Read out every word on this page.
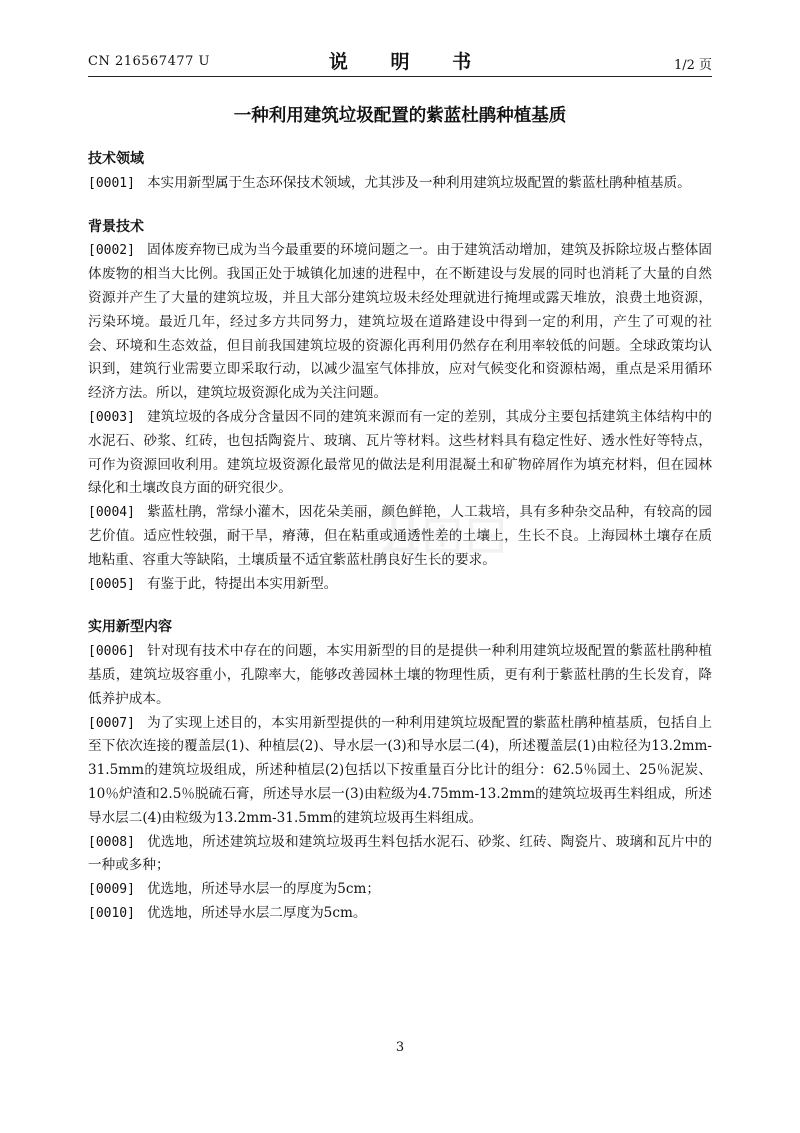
Д⊞⊟
CN 216567477 U	说 明 书	1/2 页
一种利用建筑垃圾配置的紫蓝杜鹃种植基质
技术领域
[0001] 本实用新型属于生态环保技术领域，尤其涉及一种利用建筑垃圾配置的紫蓝杜鹃种植基质。
背景技术
[0002] 固体废弃物已成为当今最重要的环境问题之一。由于建筑活动增加，建筑及拆除垃圾占整体固体废物的相当大比例。我国正处于城镇化加速的进程中，在不断建设与发展的同时也消耗了大量的自然资源并产生了大量的建筑垃圾，并且大部分建筑垃圾未经处理就进行掩埋或露天堆放，浪费土地资源，污染环境。最近几年，经过多方共同努力，建筑垃圾在道路建设中得到一定的利用，产生了可观的社会、环境和生态效益，但目前我国建筑垃圾的资源化再利用仍然存在利用率较低的问题。全球政策均认识到，建筑行业需要立即采取行动，以减少温室气体排放，应对气候变化和资源枯竭，重点是采用循环经济方法。所以，建筑垃圾资源化成为关注问题。
[0003] 建筑垃圾的各成分含量因不同的建筑来源而有一定的差别，其成分主要包括建筑主体结构中的水泥石、砂浆、红砖，也包括陶瓷片、玻璃、瓦片等材料。这些材料具有稳定性好、透水性好等特点，可作为资源回收利用。建筑垃圾资源化最常见的做法是利用混凝土和矿物碎屑作为填充材料，但在园林绿化和土壤改良方面的研究很少。
[0004] 紫蓝杜鹃，常绿小灌木，因花朵美丽，颜色鲜艳，人工栽培，具有多种杂交品种，有较高的园艺价值。适应性较强，耐干旱，瘠薄，但在粘重或通透性差的土壤上，生长不良。上海园林土壤存在质地粘重、容重大等缺陷，土壤质量不适宜紫蓝杜鹃良好生长的要求。
[0005] 有鉴于此，特提出本实用新型。
实用新型内容
[0006] 针对现有技术中存在的问题，本实用新型的目的是提供一种利用建筑垃圾配置的紫蓝杜鹃种植基质，建筑垃圾容重小，孔隙率大，能够改善园林土壤的物理性质，更有利于紫蓝杜鹃的生长发育，降低养护成本。
[0007] 为了实现上述目的，本实用新型提供的一种利用建筑垃圾配置的紫蓝杜鹃种植基质，包括自上至下依次连接的覆盖层(1)、种植层(2)、导水层一(3)和导水层二(4)，所述覆盖层(1)由粒径为13.2mm-31.5mm的建筑垃圾组成，所述种植层(2)包括以下按重量百分比计的组分：62.5％园土、25％泥炭、10％炉渣和2.5％脱硫石膏，所述导水层一(3)由粒级为4.75mm-13.2mm的建筑垃圾再生料组成，所述导水层二(4)由粒级为13.2mm-31.5mm的建筑垃圾再生料组成。
[0008] 优选地，所述建筑垃圾和建筑垃圾再生料包括水泥石、砂浆、红砖、陶瓷片、玻璃和瓦片中的一种或多种；
[0009] 优选地，所述导水层一的厚度为5cm；
[0010] 优选地，所述导水层二厚度为5cm。
3
